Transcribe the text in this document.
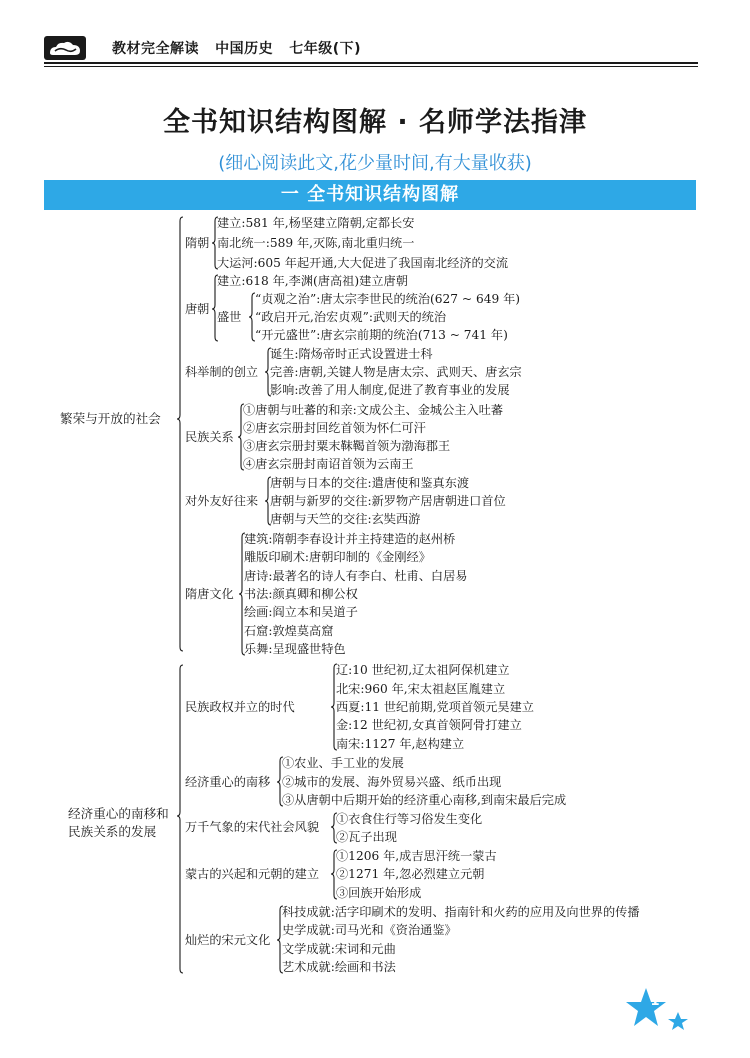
教材完全解读 中国历史 七年级(下)
全书知识结构图解 · 名师学法指津
(细心阅读此文,花少量时间,有大量收获)
一 全书知识结构图解
繁荣与开放的社会
隋朝
建立:581 年,杨坚建立隋朝,定都长安
南北统一:589 年,灭陈,南北重归统一
大运河:605 年起开通,大大促进了我国南北经济的交流
唐朝
建立:618 年,李渊(唐高祖)建立唐朝
盛世
“贞观之治”:唐太宗李世民的统治(627 ~ 649 年)
“政启开元,治宏贞观”:武则天的统治
“开元盛世”:唐玄宗前期的统治(713 ~ 741 年)
科举制的创立
诞生:隋炀帝时正式设置进士科
完善:唐朝,关键人物是唐太宗、武则天、唐玄宗
影响:改善了用人制度,促进了教育事业的发展
民族关系
①唐朝与吐蕃的和亲:文成公主、金城公主入吐蕃
②唐玄宗册封回纥首领为怀仁可汗
③唐玄宗册封粟末靺鞨首领为渤海郡王
④唐玄宗册封南诏首领为云南王
对外友好往来
唐朝与日本的交往:遣唐使和鉴真东渡
唐朝与新罗的交往:新罗物产居唐朝进口首位
唐朝与天竺的交往:玄奘西游
隋唐文化
建筑:隋朝李春设计并主持建造的赵州桥
雕版印刷术:唐朝印制的《金刚经》
唐诗:最著名的诗人有李白、杜甫、白居易
书法:颜真卿和柳公权
绘画:阎立本和吴道子
石窟:敦煌莫高窟
乐舞:呈现盛世特色
经济重心的南移和
民族关系的发展
民族政权并立的时代
辽:10 世纪初,辽太祖阿保机建立
北宋:960 年,宋太祖赵匡胤建立
西夏:11 世纪前期,党项首领元昊建立
金:12 世纪初,女真首领阿骨打建立
南宋:1127 年,赵构建立
经济重心的南移
①农业、手工业的发展
②城市的发展、海外贸易兴盛、纸币出现
③从唐朝中后期开始的经济重心南移,到南宋最后完成
万千气象的宋代社会风貌
①衣食住行等习俗发生变化
②瓦子出现
蒙古的兴起和元朝的建立
①1206 年,成吉思汗统一蒙古
②1271 年,忽必烈建立元朝
③回族开始形成
灿烂的宋元文化
科技成就:活字印刷术的发明、指南针和火药的应用及向世界的传播
史学成就:司马光和《资治通鉴》
文学成就:宋词和元曲
艺术成就:绘画和书法
1
